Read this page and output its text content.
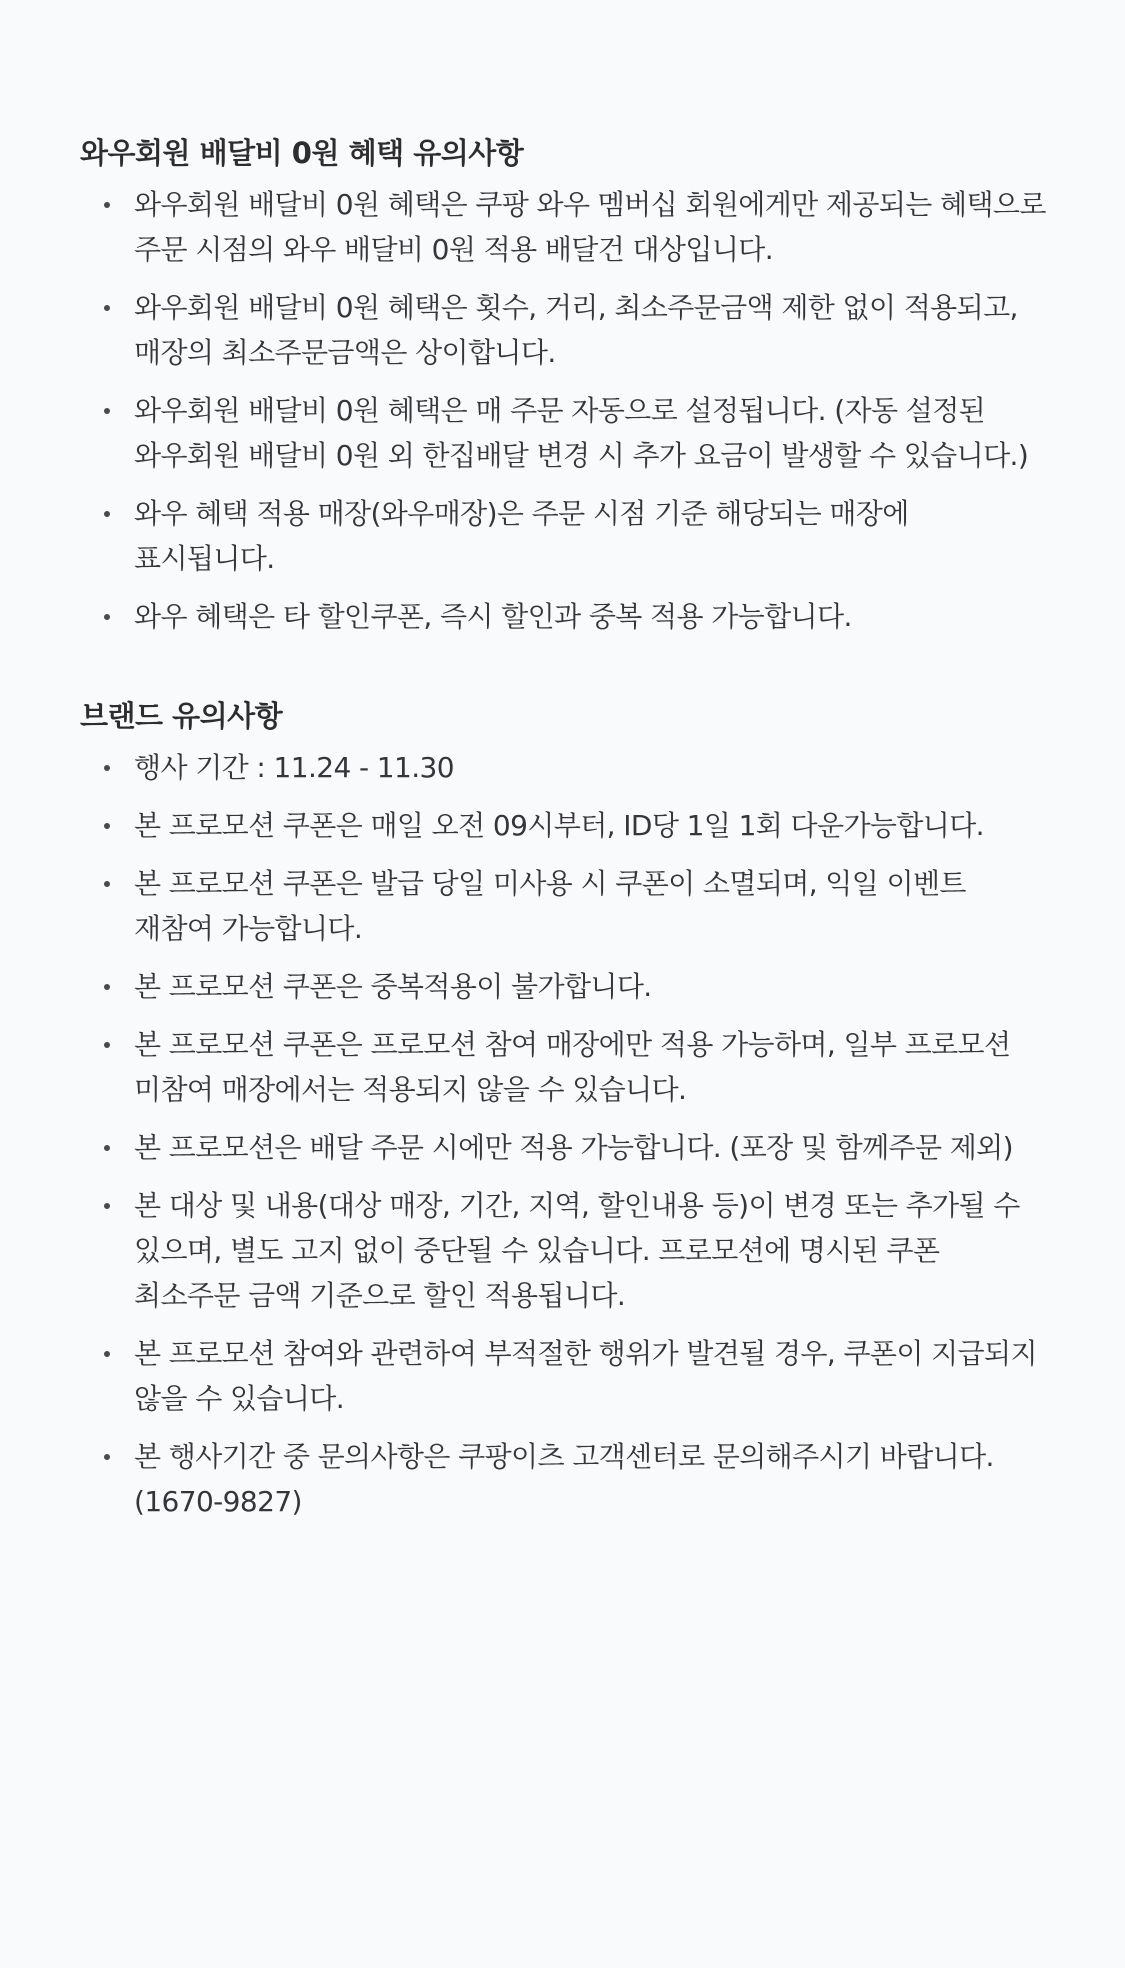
와우회원 배달비 0원 혜택 유의사항
와우회원 배달비 0원 혜택은 쿠팡 와우 멤버십 회원에게만 제공되는 혜택으로 주문 시점의 와우 배달비 0원 적용 배달건 대상입니다.
와우회원 배달비 0원 혜택은 횟수, 거리, 최소주문금액 제한 없이 적용되고,매장의 최소주문금액은 상이합니다.
와우회원 배달비 0원 혜택은 매 주문 자동으로 설정됩니다. (자동 설정된 와우회원 배달비 0원 외 한집배달 변경 시 추가 요금이 발생할 수 있습니다.)
와우 혜택 적용 매장(와우매장)은 주문 시점 기준 해당되는 매장에 표시됩니다.
와우 혜택은 타 할인쿠폰, 즉시 할인과 중복 적용 가능합니다.
브랜드 유의사항
행사 기간 : 11.24 - 11.30
본 프로모션 쿠폰은 매일 오전 09시부터, ID당 1일 1회 다운가능합니다.
본 프로모션 쿠폰은 발급 당일 미사용 시 쿠폰이 소멸되며, 익일 이벤트 재참여 가능합니다.
본 프로모션 쿠폰은 중복적용이 불가합니다.
본 프로모션 쿠폰은 프로모션 참여 매장에만 적용 가능하며, 일부 프로모션 미참여 매장에서는 적용되지 않을 수 있습니다.
본 프로모션은 배달 주문 시에만 적용 가능합니다. (포장 및 함께주문 제외)
본 대상 및 내용(대상 매장, 기간, 지역, 할인내용 등)이 변경 또는 추가될 수 있으며, 별도 고지 없이 중단될 수 있습니다. 프로모션에 명시된 쿠폰 최소주문 금액 기준으로 할인 적용됩니다.
본 프로모션 참여와 관련하여 부적절한 행위가 발견될 경우, 쿠폰이 지급되지 않을 수 있습니다.
본 행사기간 중 문의사항은 쿠팡이츠 고객센터로 문의해주시기 바랍니다. (1670-9827)
